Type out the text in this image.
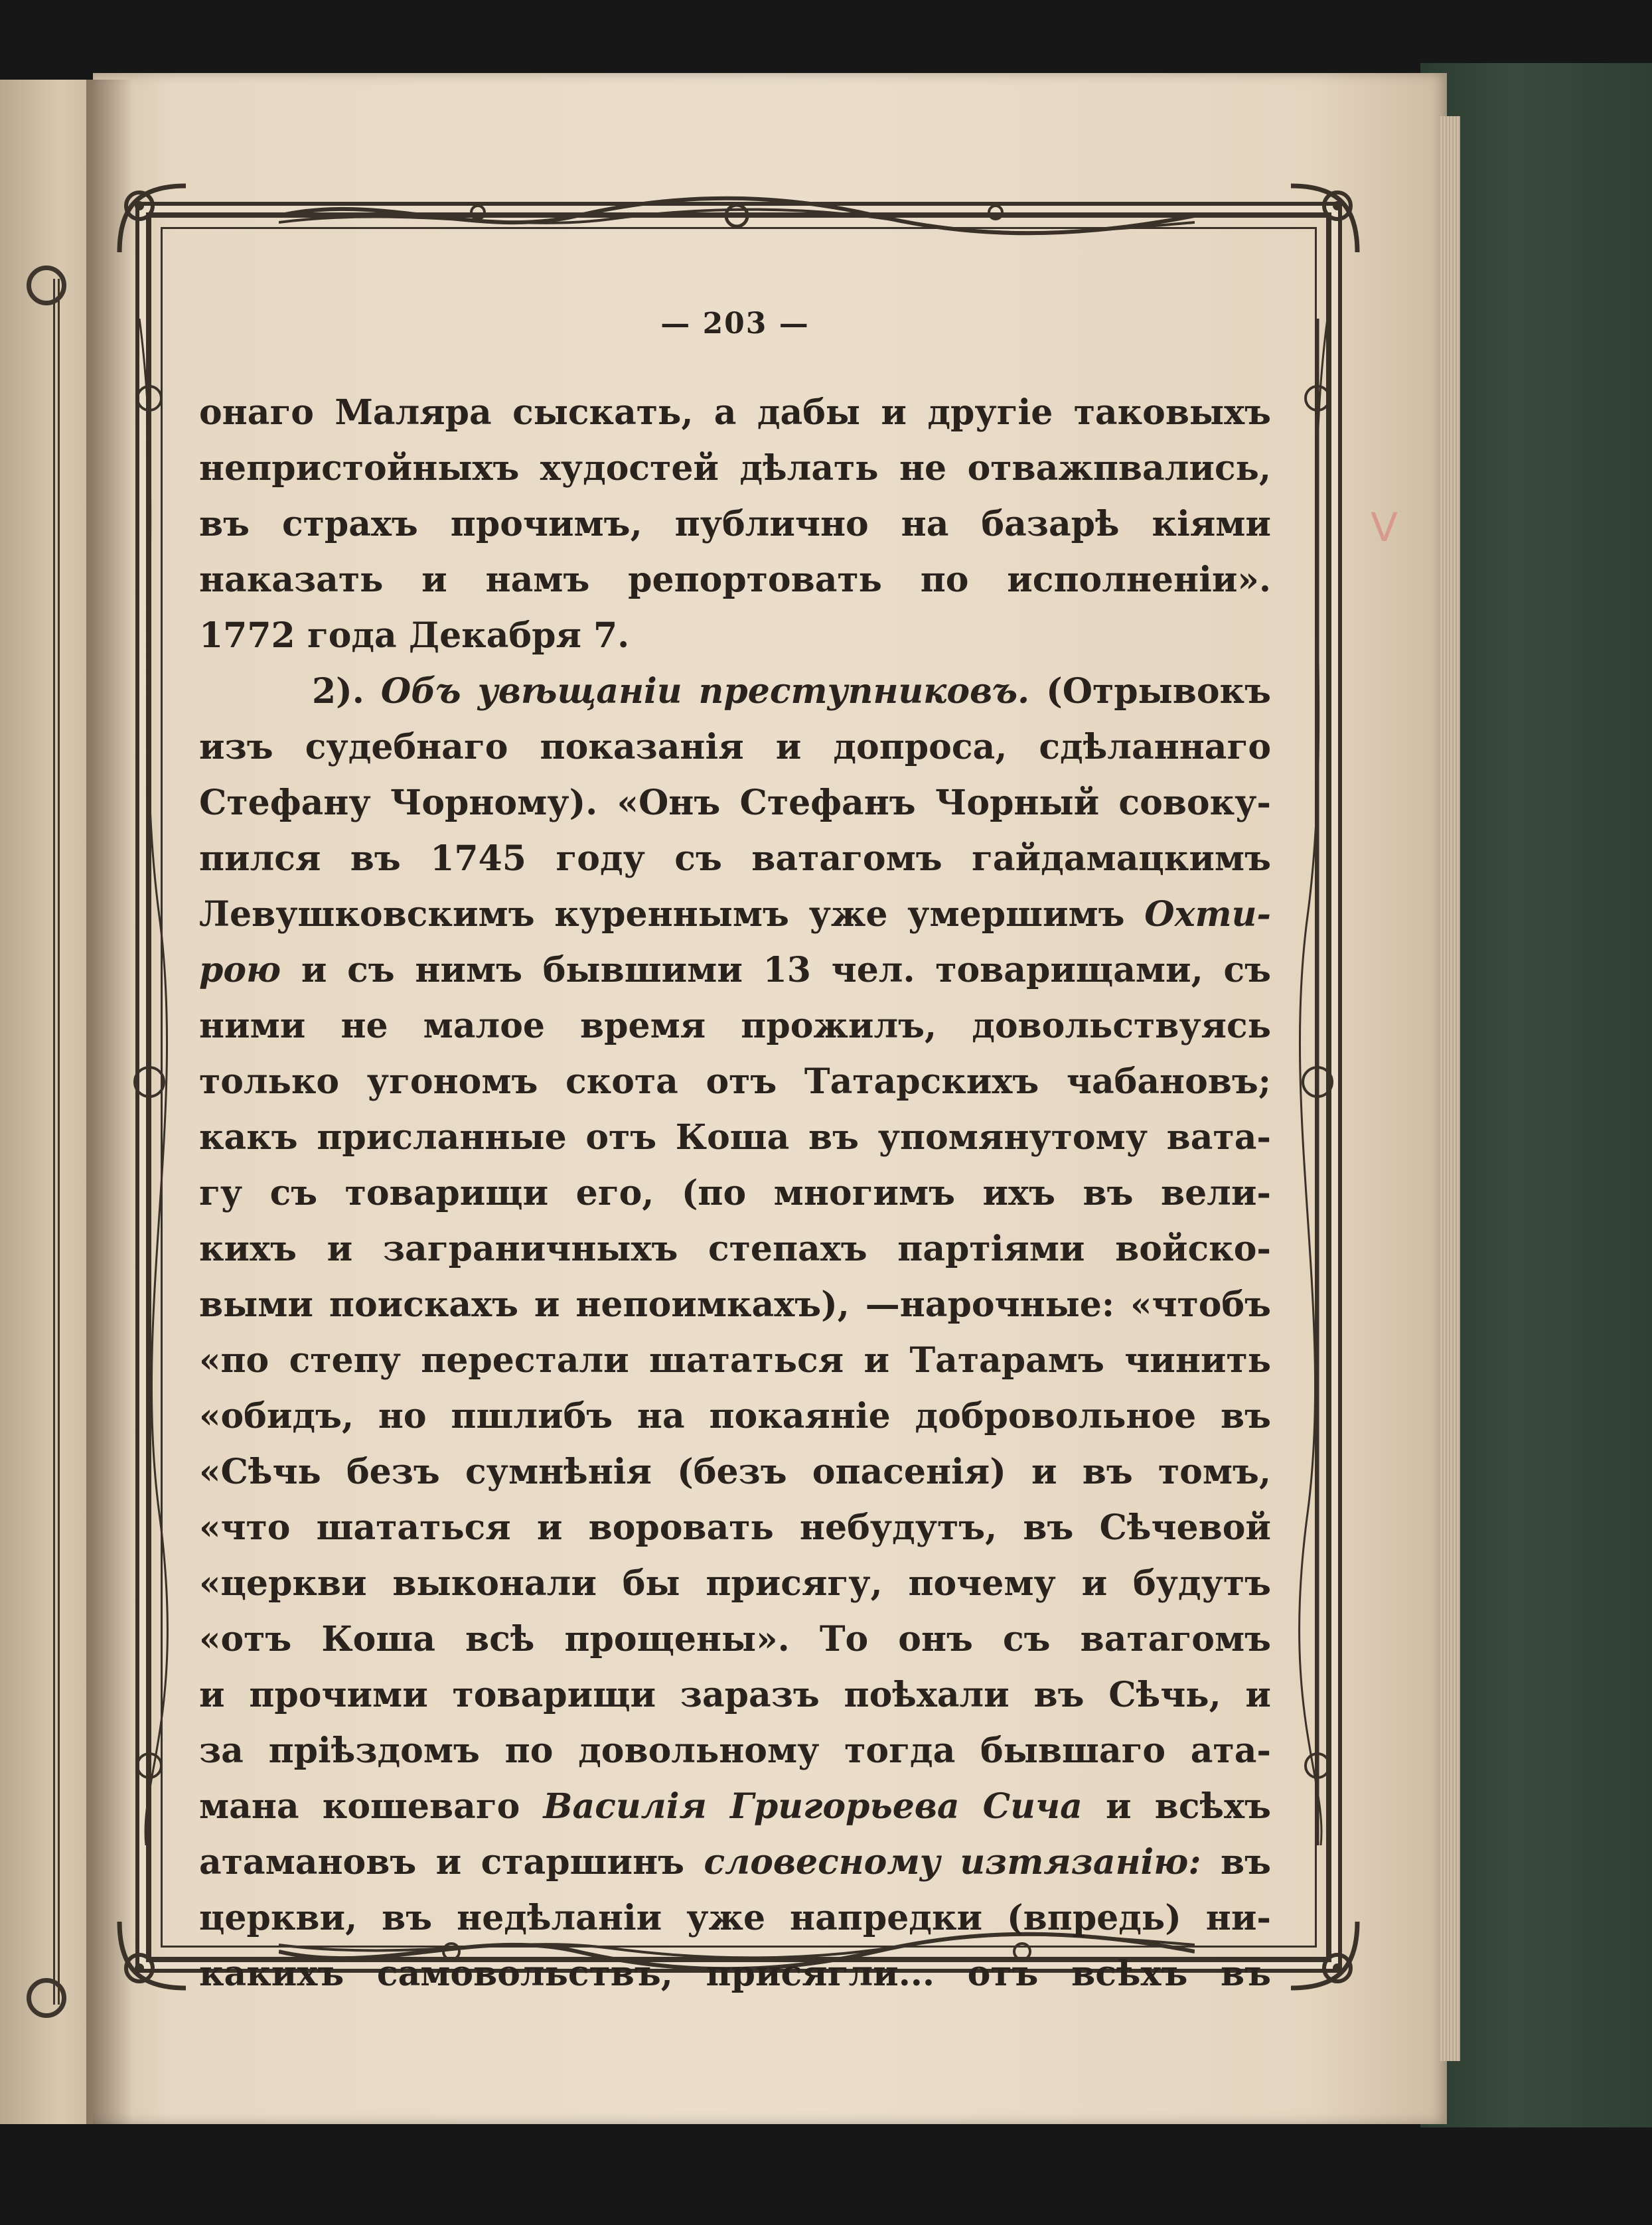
— 203 —
онаго Маляра сыскать, а дабы и другіе таковыхъ
непристойныхъ худостей дѣлать не отважпвались,
въ страхъ прочимъ, публично на базарѣ кіями
наказать и намъ репортовать по исполненіи».
1772 года Декабря 7.
2). Объ увѣщаніи преступниковъ. (Отрывокъ
изъ судебнаго показанія и допроса, сдѣланнаго
Стефану Чорному). «Онъ Стефанъ Чорный совоку-
пился въ 1745 году съ ватагомъ гайдамацкимъ
Левушковскимъ куреннымъ уже умершимъ Охти-
рою и съ нимъ бывшими 13 чел. товарищами, съ
ними не малое время прожилъ, довольствуясь
только угономъ скота отъ Татарскихъ чабановъ;
какъ присланные отъ Коша въ упомянутому вата-
гу съ товарищи его, (по многимъ ихъ въ вели-
кихъ и заграничныхъ степахъ партіями войско-
выми поискахъ и непоимкахъ), —нарочные: «чтобъ
«по степу перестали шататься и Татарамъ чинить
«обидъ, но пшлибъ на покаяніе добровольное въ
«Сѣчь безъ сумнѣнія (безъ опасенія) и въ томъ,
«что шататься и воровать небудутъ, въ Сѣчевой
«церкви выконали бы присягу, почему и будутъ
«отъ Коша всѣ прощены». То онъ съ ватагомъ
и прочими товарищи заразъ поѣхали въ Сѣчь, и
за пріѣздомъ по довольному тогда бывшаго ата-
мана кошеваго Василія Григорьева Сича и всѣхъ
атамановъ и старшинъ словесному изтязанію: въ
церкви, въ недѣланіи уже напредки (впредь) ни-
какихъ самовольствъ, присягли... отъ всѣхъ въ
V
